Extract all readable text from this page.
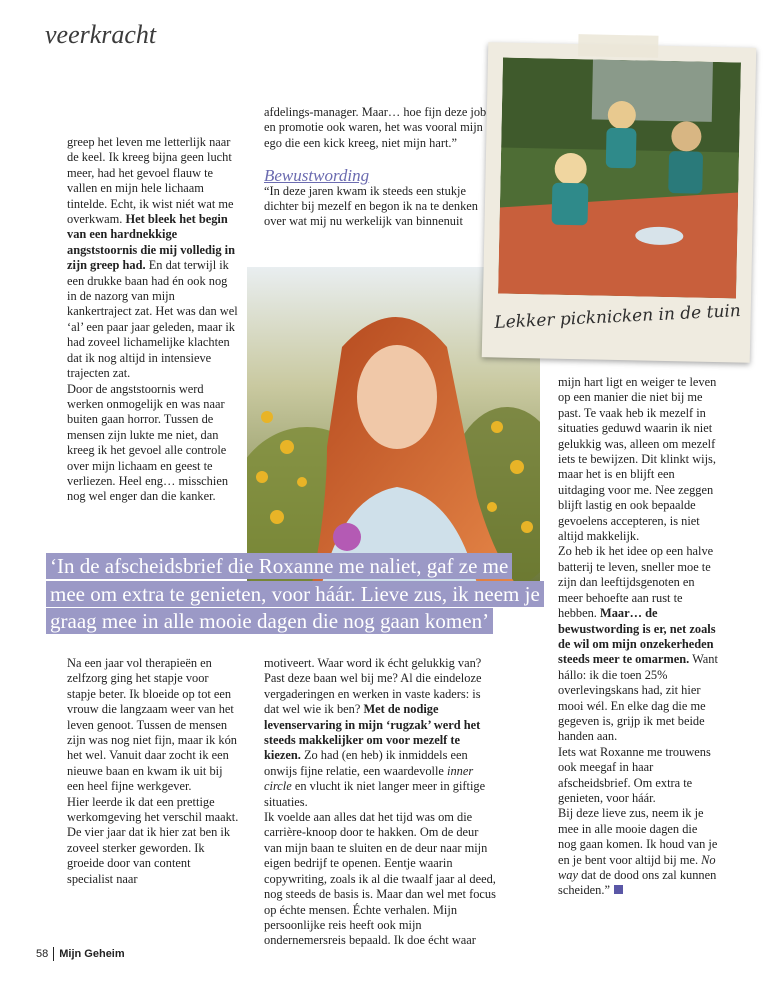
veerkracht

greep het leven me letterlijk naar de keel. Ik kreeg bijna geen lucht meer, had het gevoel flauw te vallen en mijn hele lichaam tintelde. Echt, ik wist niét wat me overkwam. Het bleek het begin van een hardnekkige angststoornis die mij volledig in zijn greep had. En dat terwijl ik een drukke baan had én ook nog in de nazorg van mijn kankertraject zat. Het was dan wel ‘al’ een paar jaar geleden, maar ik had zoveel lichamelijke klachten dat ik nog altijd in intensieve trajecten zat.

Door de angststoornis werd werken onmogelijk en was naar buiten gaan horror. Tussen de mensen zijn lukte me niet, dan kreeg ik het gevoel alle controle over mijn lichaam en geest te verliezen. Heel eng… misschien nog wel enger dan die kanker.

afdelings-manager. Maar… hoe fijn deze job en promotie ook waren, het was vooral mijn ego die een kick kreeg, niet mijn hart.”

Bewustwording

“In deze jaren kwam ik steeds een stukje dichter bij mezelf en begon ik na te denken over wat mij nu werkelijk van binnenuit

Lekker picknicken in de tuin
‘In de afscheidsbrief die Roxanne me naliet, gaf ze me mee om extra te genieten, voor háár. Lieve zus, ik neem je graag mee in alle mooie dagen die nog gaan komen’

Na een jaar vol therapieën en zelfzorg ging het stapje voor stapje beter. Ik bloeide op tot een vrouw die langzaam weer van het leven genoot. Tussen de mensen zijn was nog niet fijn, maar ik kón het wel. Vanuit daar zocht ik een nieuwe baan en kwam ik uit bij een heel fijne werkgever.

Hier leerde ik dat een prettige werkomgeving het verschil maakt. De vier jaar dat ik hier zat ben ik zoveel sterker geworden. Ik groeide door van content specialist naar

motiveert. Waar word ik écht gelukkig van? Past deze baan wel bij me? Al die eindeloze vergaderingen en werken in vaste kaders: is dat wel wie ik ben? Met de nodige levenservaring in mijn ‘rugzak’ werd het steeds makkelijker om voor mezelf te kiezen. Zo had (en heb) ik inmiddels een onwijs fijne relatie, een waardevolle inner circle en vlucht ik niet langer meer in giftige situaties.

Ik voelde aan alles dat het tijd was om die carrière-knoop door te hakken. Om de deur van mijn baan te sluiten en de deur naar mijn eigen bedrijf te openen. Eentje waarin copywriting, zoals ik al die twaalf jaar al deed, nog steeds de basis is. Maar dan wel met focus op échte mensen. Échte verhalen. Mijn persoonlijke reis heeft ook mijn ondernemersreis bepaald. Ik doe écht waar

mijn hart ligt en weiger te leven op een manier die niet bij me past. Te vaak heb ik mezelf in situaties geduwd waarin ik niet gelukkig was, alleen om mezelf iets te bewijzen. Dit klinkt wijs, maar het is en blijft een uitdaging voor me. Nee zeggen blijft lastig en ook bepaalde gevoelens accepteren, is niet altijd makkelijk.

Zo heb ik het idee op een halve batterij te leven, sneller moe te zijn dan leeftijdsgenoten en meer behoefte aan rust te hebben. Maar… de bewustwording is er, net zoals de wil om mijn onzekerheden steeds meer te omarmen. Want hállo: ik die toen 25% overlevingskans had, zit hier mooi wél. En elke dag die me gegeven is, grijp ik met beide handen aan.

Iets wat Roxanne me trouwens ook meegaf in haar afscheidsbrief. Om extra te genieten, voor háár.

Bij deze lieve zus, neem ik je mee in alle mooie dagen die nog gaan komen. Ik houd van je en je bent voor altijd bij me. No way dat de dood ons zal kunnen scheiden.”

58 Mijn Geheim
